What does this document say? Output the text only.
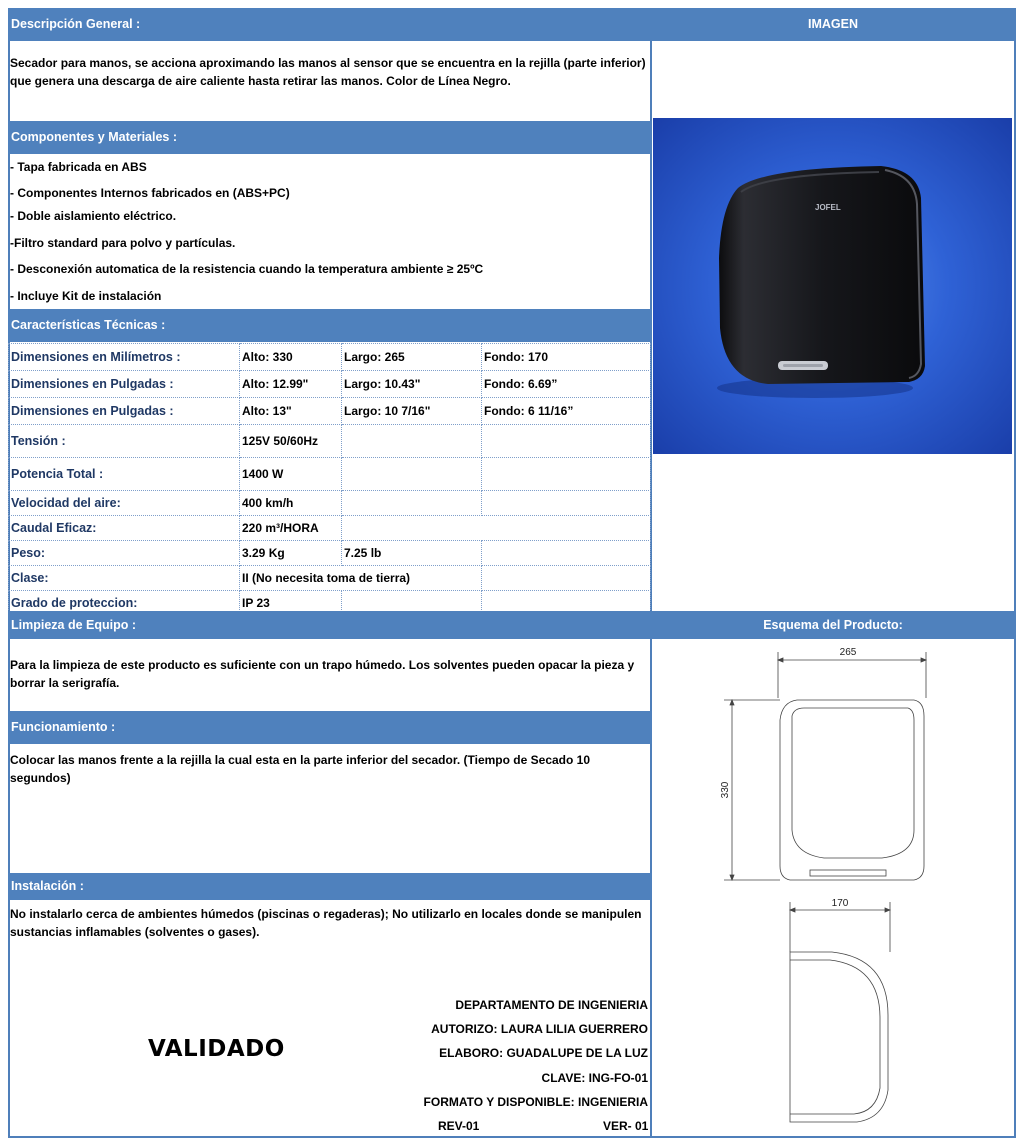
Descripción General :	IMAGEN
Secador para manos, se acciona aproximando las manos al sensor que se encuentra en la rejilla (parte inferior)
que genera una descarga de aire caliente hasta retirar las manos. Color de Línea Negro.
Componentes y Materiales :
- Tapa fabricada en ABS
- Componentes Internos fabricados en (ABS+PC)
- Doble aislamiento eléctrico.
-Filtro standard para polvo y partículas.
- Desconexión automatica de la resistencia cuando la temperatura ambiente ≥ 25ºC
- Incluye Kit de instalación
Características Técnicas :
Dimensiones en Milímetros :	Alto: 330	Largo: 265	Fondo: 170
Dimensiones en Pulgadas :	Alto: 12.99"	Largo: 10.43"	Fondo: 6.69”
Dimensiones en Pulgadas :	Alto: 13"	Largo: 10 7/16"	Fondo: 6 11/16”
Tensión :	125V 50/60Hz		
Potencia Total :	1400 W		
Velocidad del aire:	400 km/h		
Caudal Eficaz:	220 m³/HORA		
Peso:	3.29 Kg	7.25 lb	
Clase:	II (No necesita toma de tierra)		
Grado de proteccion:	IP 23		
Limpieza de Equipo :	Esquema del Producto:
Para la limpieza de este producto es suficiente con un trapo húmedo. Los solventes pueden opacar la pieza y
borrar la serigrafía.
Funcionamiento :
Colocar las manos frente a la rejilla la cual esta en la parte inferior del secador. (Tiempo de Secado 10
segundos)
Instalación :
No instalarlo cerca de ambientes húmedos (piscinas o regaderas); No utilizarlo en locales donde se manipulen
sustancias inflamables (solventes o gases).
VALIDADO
DEPARTAMENTO DE INGENIERIA
AUTORIZO: LAURA LILIA GUERRERO
ELABORO: GUADALUPE DE LA LUZ
CLAVE: ING-FO-01
FORMATO Y DISPONIBLE: INGENIERIA
REV-01	VER- 01
JOFEL
265
330
170
